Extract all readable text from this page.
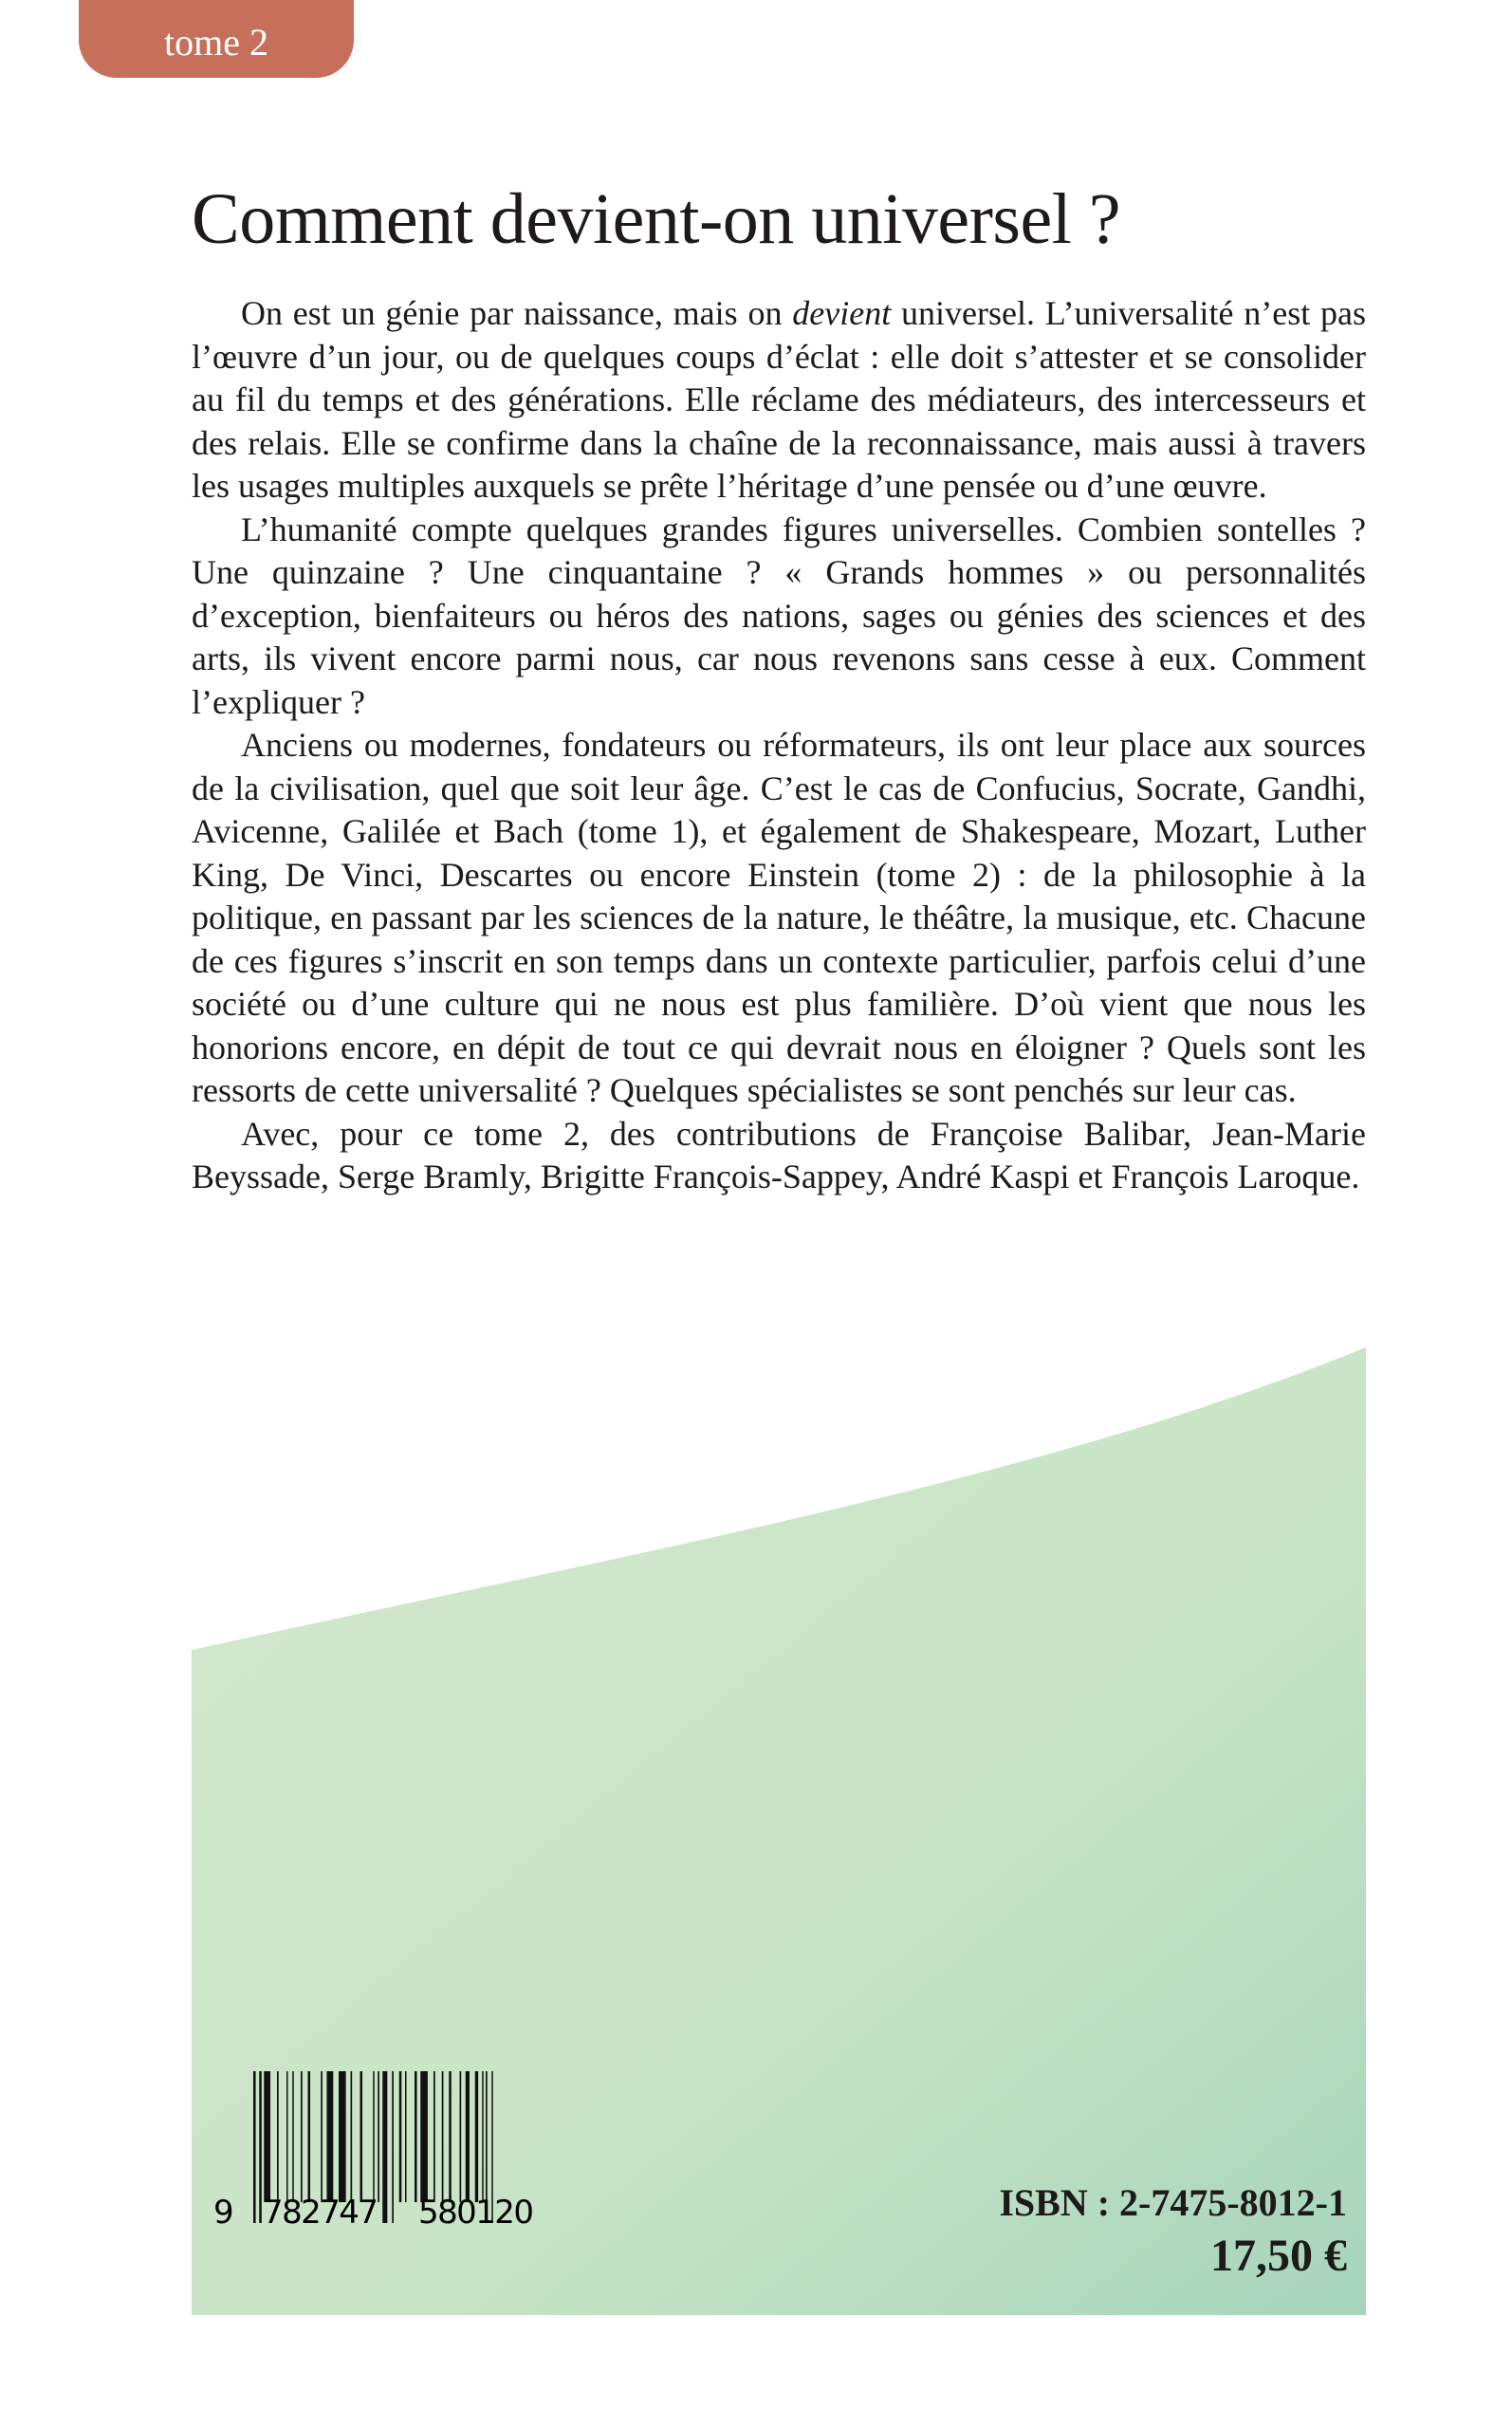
tome 2
Comment devient-on universel ?

On est un génie par naissance, mais on devient universel. L’universalité n’est pas l’œuvre d’un jour, ou de quelques coups d’éclat : elle doit s’attester et se consolider au fil du temps et des générations. Elle réclame des médiateurs, des intercesseurs et des relais. Elle se confirme dans la chaîne de la reconnaissance, mais aussi à travers les usages multiples auxquels se prête l’héritage d’une pensée ou d’une œuvre.

L’humanité compte quelques grandes figures universelles. Combien sontelles ? Une quinzaine ? Une cinquantaine ? « Grands hommes » ou personnalités d’exception, bienfaiteurs ou héros des nations, sages ou génies des sciences et des arts, ils vivent encore parmi nous, car nous revenons sans cesse à eux. Comment l’expliquer ?

Anciens ou modernes, fondateurs ou réformateurs, ils ont leur place aux sources de la civilisation, quel que soit leur âge. C’est le cas de Confucius, Socrate, Gandhi, Avicenne, Galilée et Bach (tome 1), et également de Shakespeare, Mozart, Luther King, De Vinci, Descartes ou encore Einstein (tome 2) : de la philosophie à la politique, en passant par les sciences de la nature, le théâtre, la musique, etc. Chacune de ces figures s’inscrit en son temps dans un contexte particulier, parfois celui d’une société ou d’une culture qui ne nous est plus familière. D’où vient que nous les honorions encore, en dépit de tout ce qui devrait nous en éloigner ? Quels sont les ressorts de cette universalité ? Quelques spécialistes se sont penchés sur leur cas.

Avec, pour ce tome 2, des contributions de Françoise Balibar, Jean-Marie Beyssade, Serge Bramly, Brigitte François-Sappey, André Kaspi et François Laroque.

9 782747 580120	ISBN : 2-7475-8012-1
17,50 €
